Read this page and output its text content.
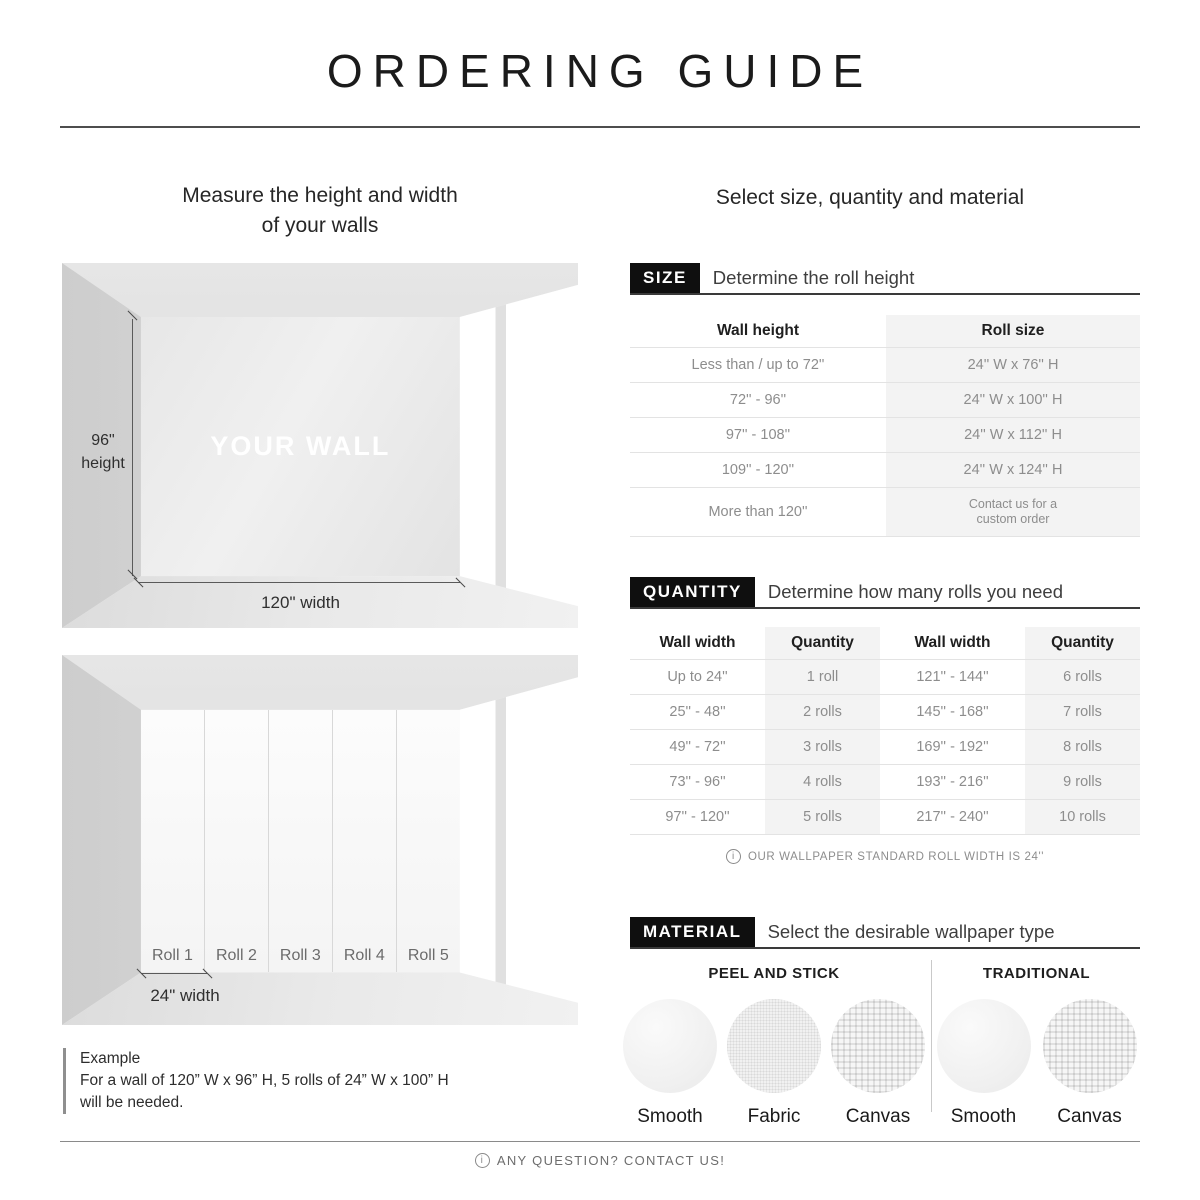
ORDERING GUIDE
Measure the height and width
of your walls
YOUR WALL
96"
height
120" width
Roll 1	Roll 2	Roll 3	Roll 4	Roll 5
24" width
Example
For a wall of 120” W x 96” H, 5 rolls of 24” W x 100” H
will be needed.
Select size, quantity and material
SIZE	Determine the roll height
Wall height	Roll size
Less than / up to 72''	24'' W x 76'' H
72'' - 96''	24'' W x 100'' H
97'' - 108''	24'' W x 112'' H
109'' - 120''	24'' W x 124'' H
More than 120''	Contact us for a custom order
QUANTITY	Determine how many rolls you need
Wall width	Quantity	Wall width	Quantity
Up to 24''	1 roll	121'' - 144''	6 rolls
25'' - 48''	2 rolls	145'' - 168''	7 rolls
49'' - 72''	3 rolls	169'' - 192''	8 rolls
73'' - 96''	4 rolls	193'' - 216''	9 rolls
97'' - 120''	5 rolls	217'' - 240''	10 rolls
i
OUR WALLPAPER STANDARD ROLL WIDTH IS 24''
MATERIAL	Select the desirable wallpaper type
PEEL AND STICK
Smooth	Fabric	Canvas
TRADITIONAL
Smooth	Canvas
i
ANY QUESTION? CONTACT US!
